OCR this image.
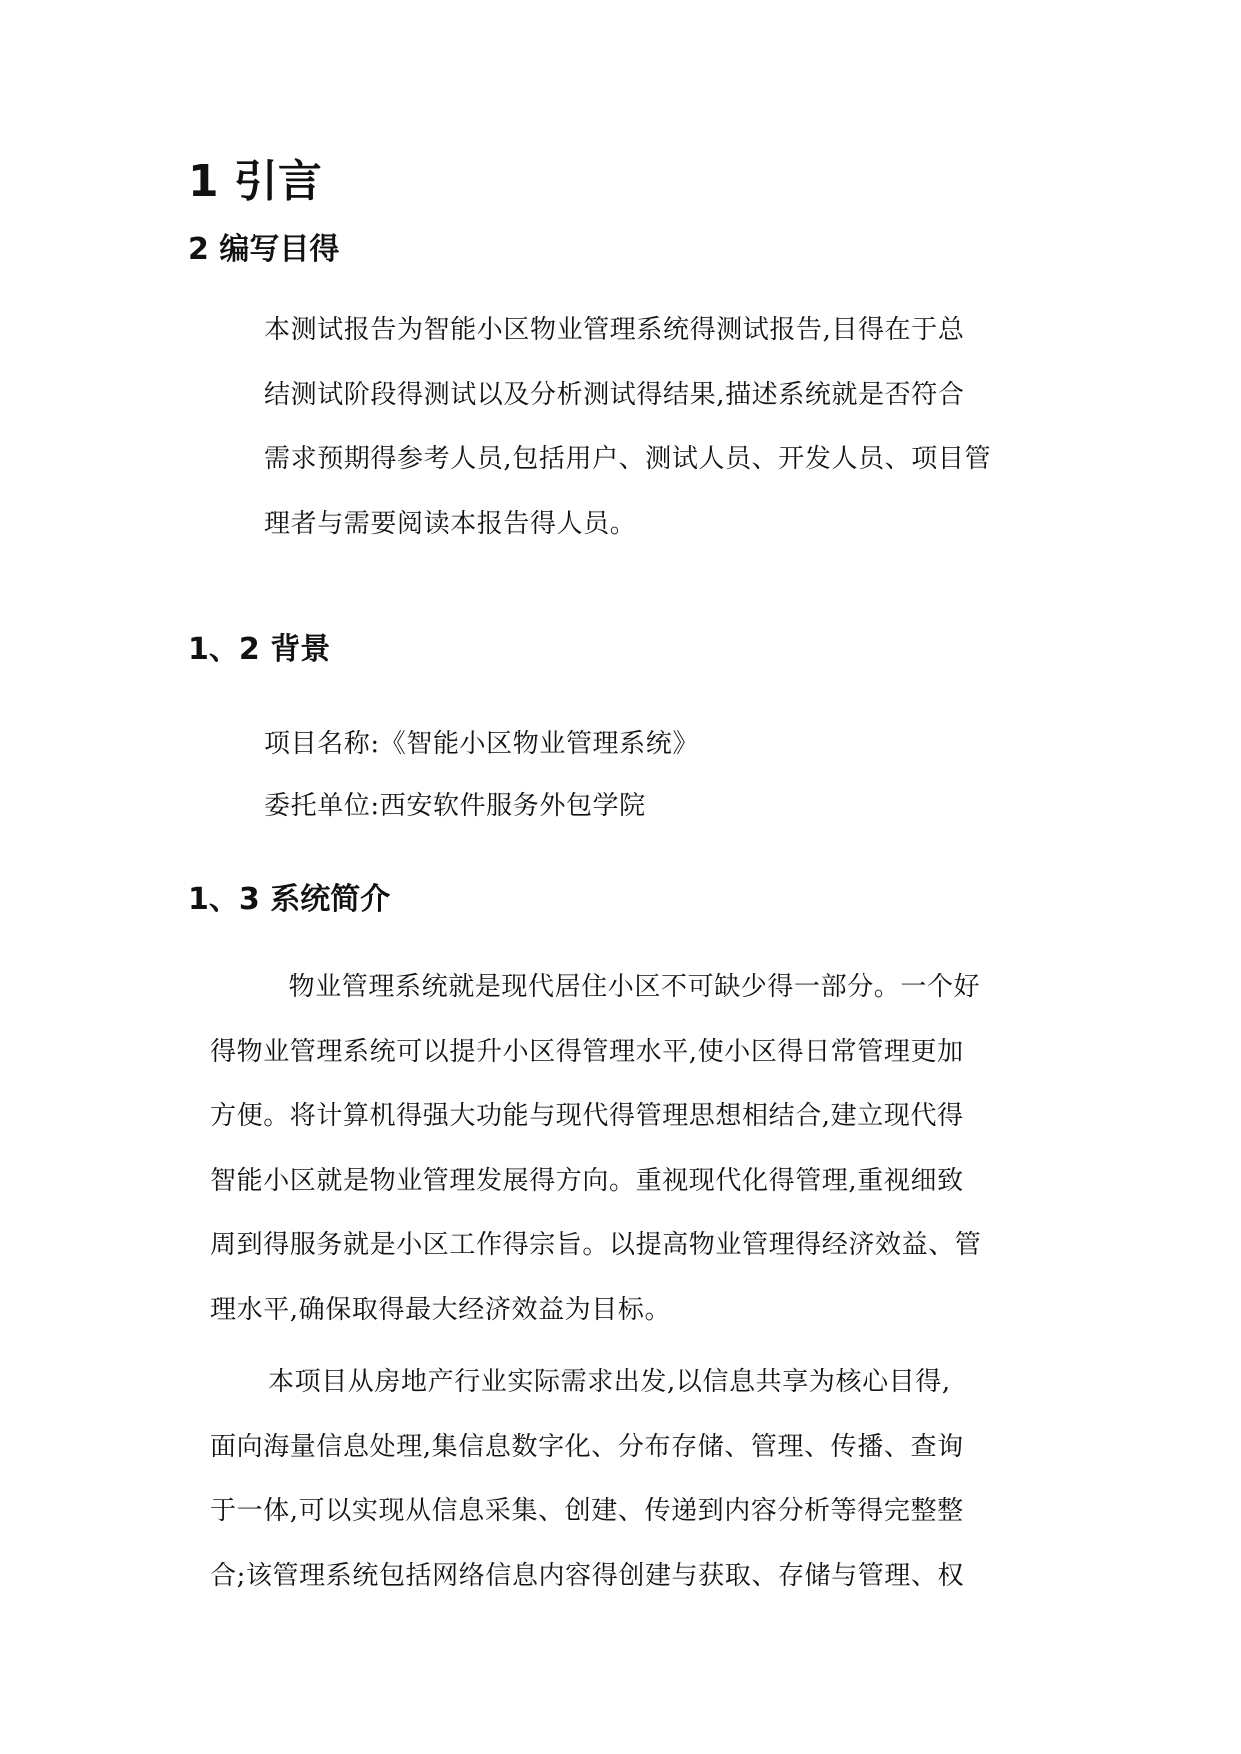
1 引言
2 编写目得

本测试报告为智能小区物业管理系统得测试报告,目得在于总
结测试阶段得测试以及分析测试得结果,描述系统就是否符合
需求预期得参考人员,包括用户、测试人员、开发人员、项目管
理者与需要阅读本报告得人员。

1、2 背景

项目名称:《智能小区物业管理系统》

委托单位:西安软件服务外包学院

1、3 系统简介

　物业管理系统就是现代居住小区不可缺少得一部分。一个好
得物业管理系统可以提升小区得管理水平,使小区得日常管理更加
方便。将计算机得强大功能与现代得管理思想相结合,建立现代得
智能小区就是物业管理发展得方向。重视现代化得管理,重视细致
周到得服务就是小区工作得宗旨。以提高物业管理得经济效益、管
理水平,确保取得最大经济效益为目标。

本项目从房地产行业实际需求出发,以信息共享为核心目得,
面向海量信息处理,集信息数字化、分布存储、管理、传播、查询
于一体,可以实现从信息采集、创建、传递到内容分析等得完整整
合;该管理系统包括网络信息内容得创建与获取、存储与管理、权
